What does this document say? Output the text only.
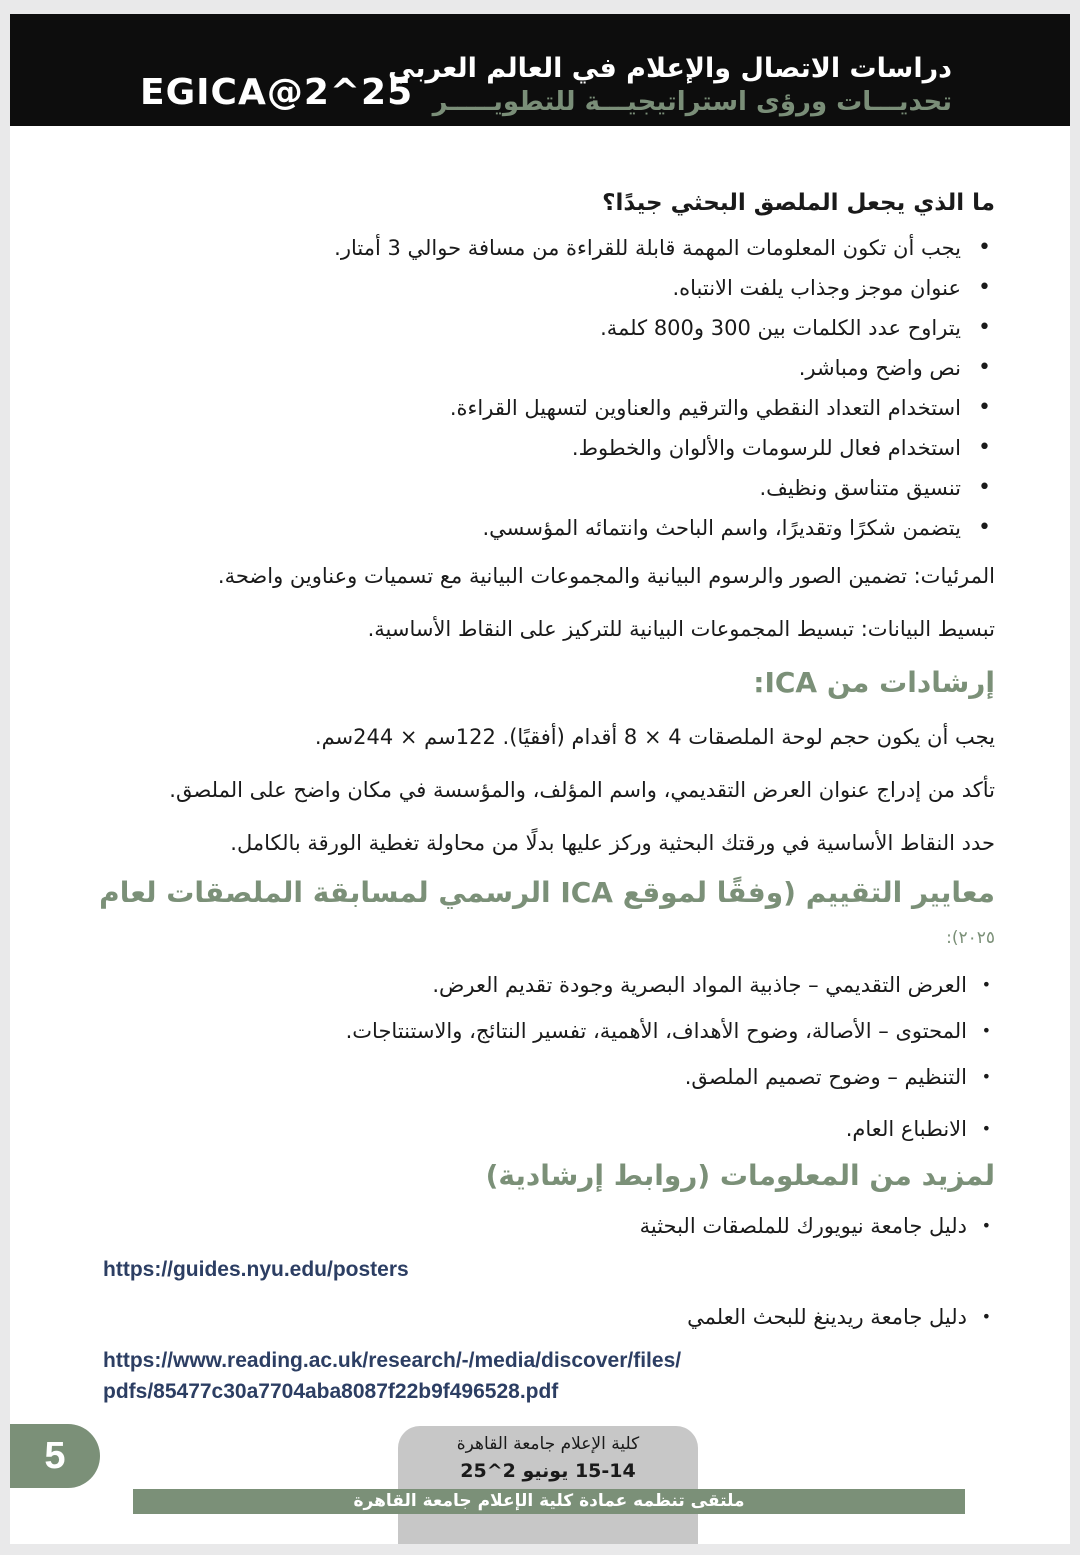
EGICA@2^25
دراسات الاتصال والإعلام في العالم العربي
تحديـــات ورؤى استراتيجيـــة للتطويـــــر
ما الذي يجعل الملصق البحثي جيدًا؟
• يجب أن تكون المعلومات المهمة قابلة للقراءة من مسافة حوالي 3 أمتار.
• عنوان موجز وجذاب يلفت الانتباه.
• يتراوح عدد الكلمات بين 300 و800 كلمة.
• نص واضح ومباشر.
• استخدام التعداد النقطي والترقيم والعناوين لتسهيل القراءة.
• استخدام فعال للرسومات والألوان والخطوط.
• تنسيق متناسق ونظيف.
• يتضمن شكرًا وتقديرًا، واسم الباحث وانتمائه المؤسسي.
المرئيات: تضمين الصور والرسوم البيانية والمجموعات البيانية مع تسميات وعناوين واضحة.
تبسيط البيانات: تبسيط المجموعات البيانية للتركيز على النقاط الأساسية.
إرشادات من ICA:
يجب أن يكون حجم لوحة الملصقات 4 × 8 أقدام (أفقيًا). 122سم × 244سم.
تأكد من إدراج عنوان العرض التقديمي، واسم المؤلف، والمؤسسة في مكان واضح على الملصق.
حدد النقاط الأساسية في ورقتك البحثية وركز عليها بدلًا من محاولة تغطية الورقة بالكامل.
معايير التقييم (وفقًا لموقع ICA الرسمي لمسابقة الملصقات لعام
٢٠٢٥):
• العرض التقديمي – جاذبية المواد البصرية وجودة تقديم العرض.
• المحتوى – الأصالة، وضوح الأهداف، الأهمية، تفسير النتائج، والاستنتاجات.
• التنظيم – وضوح تصميم الملصق.
• الانطباع العام.
لمزيد من المعلومات (روابط إرشادية)
• دليل جامعة نيويورك للملصقات البحثية
https://guides.nyu.edu/posters
• دليل جامعة ريدينغ للبحث العلمي
https://www.reading.ac.uk/research/-/media/discover/files/
pdfs/85477c30a7704aba8087f22b9f496528.pdf
5	كلية الإعلام جامعة القاهرة
15-14 يونيو 2^25
ملتقى تنظمه عمادة كلية الإعلام جامعة القاهرة
